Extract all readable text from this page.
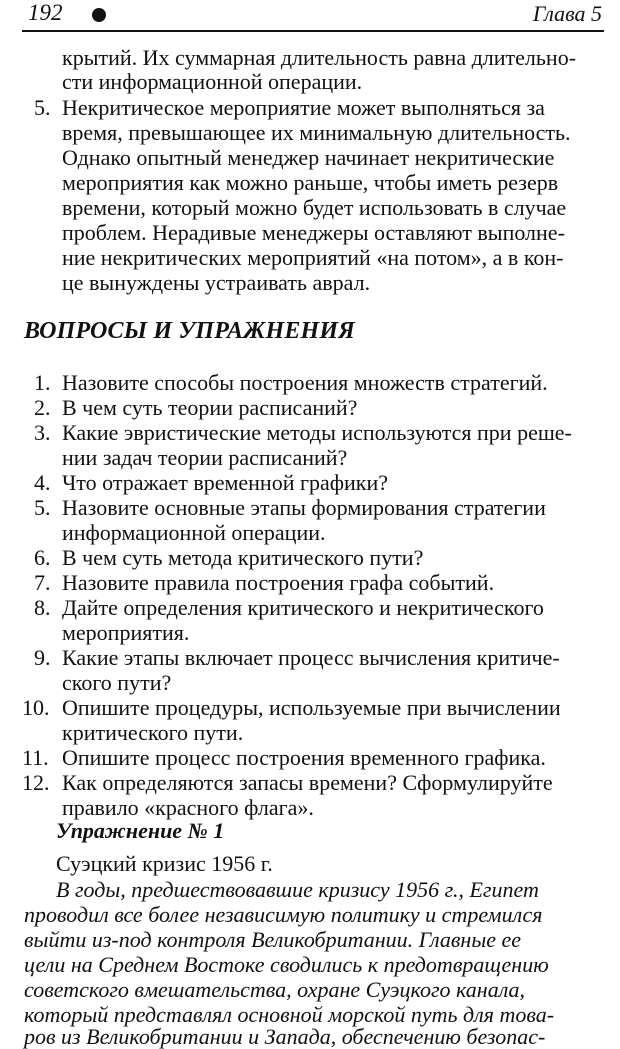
192	Глава 5
крытий. Их суммарная длительность равна длительно-
сти информационной операции.
5. Некритическое мероприятие может выполняться за
время, превышающее их минимальную длительность.
Однако опытный менеджер начинает некритические
мероприятия как можно раньше, чтобы иметь резерв
времени, который можно будет использовать в случае
проблем. Нерадивые менеджеры оставляют выполне-
ние некритических мероприятий «на потом», а в кон-
це вынуждены устраивать аврал.
ВОПРОСЫ И УПРАЖНЕНИЯ
1. Назовите способы построения множеств стратегий.
2. В чем суть теории расписаний?
3. Какие эвристические методы используются при реше-
нии задач теории расписаний?
4. Что отражает временной графики?
5. Назовите основные этапы формирования стратегии
информационной операции.
6. В чем суть метода критического пути?
7. Назовите правила построения графа событий.
8. Дайте определения критического и некритического
мероприятия.
9. Какие этапы включает процесс вычисления критиче-
ского пути?
10. Опишите процедуры, используемые при вычислении
критического пути.
11. Опишите процесс построения временного графика.
12. Как определяются запасы времени? Сформулируйте
правило «красного флага».
Упражнение № 1
Суэцкий кризис 1956 г.
В годы, предшествовавшие кризису 1956 г., Египет
проводил все более независимую политику и стремился
выйти из-под контроля Великобритании. Главные ее
цели на Среднем Востоке сводились к предотвращению
советского вмешательства, охране Суэцкого канала,
который представлял основной морской путь для това-
ров из Великобритании и Запада, обеспечению безопас-
